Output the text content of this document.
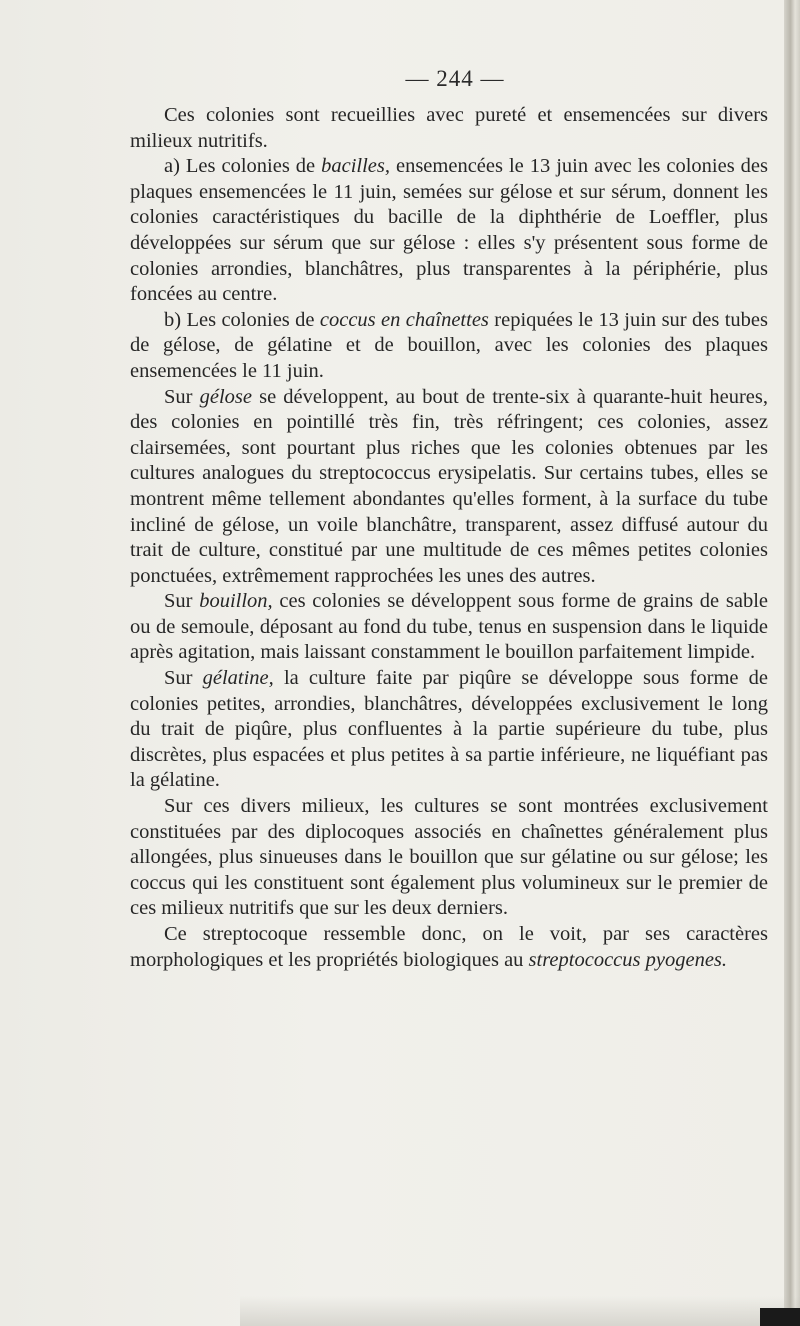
— 244 —

Ces colonies sont recueillies avec pureté et ensemencées sur divers milieux nutritifs.

a) Les colonies de bacilles, ensemencées le 13 juin avec les colonies des plaques ensemencées le 11 juin, semées sur gélose et sur sérum, donnent les colonies caractéristiques du bacille de la diphthérie de Loeffler, plus développées sur sérum que sur gélose : elles s'y présentent sous forme de colonies arrondies, blanchâtres, plus transparentes à la périphérie, plus foncées au centre.

b) Les colonies de coccus en chaînettes repiquées le 13 juin sur des tubes de gélose, de gélatine et de bouillon, avec les colonies des plaques ensemencées le 11 juin.

Sur gélose se développent, au bout de trente-six à quarante-huit heures, des colonies en pointillé très fin, très réfringent; ces colonies, assez clairsemées, sont pourtant plus riches que les colonies obtenues par les cultures analogues du streptococcus erysipelatis. Sur certains tubes, elles se montrent même tellement abondantes qu'elles forment, à la surface du tube incliné de gélose, un voile blanchâtre, transparent, assez diffusé autour du trait de culture, constitué par une multitude de ces mêmes petites colonies ponctuées, extrêmement rapprochées les unes des autres.

Sur bouillon, ces colonies se développent sous forme de grains de sable ou de semoule, déposant au fond du tube, tenus en suspension dans le liquide après agitation, mais laissant constamment le bouillon parfaitement limpide.

Sur gélatine, la culture faite par piqûre se développe sous forme de colonies petites, arrondies, blanchâtres, développées exclusivement le long du trait de piqûre, plus confluentes à la partie supérieure du tube, plus discrètes, plus espacées et plus petites à sa partie inférieure, ne liquéfiant pas la gélatine.

Sur ces divers milieux, les cultures se sont montrées exclusivement constituées par des diplocoques associés en chaînettes généralement plus allongées, plus sinueuses dans le bouillon que sur gélatine ou sur gélose; les coccus qui les constituent sont également plus volumineux sur le premier de ces milieux nutritifs que sur les deux derniers.

Ce streptocoque ressemble donc, on le voit, par ses caractères morphologiques et les propriétés biologiques au streptococcus pyogenes.
